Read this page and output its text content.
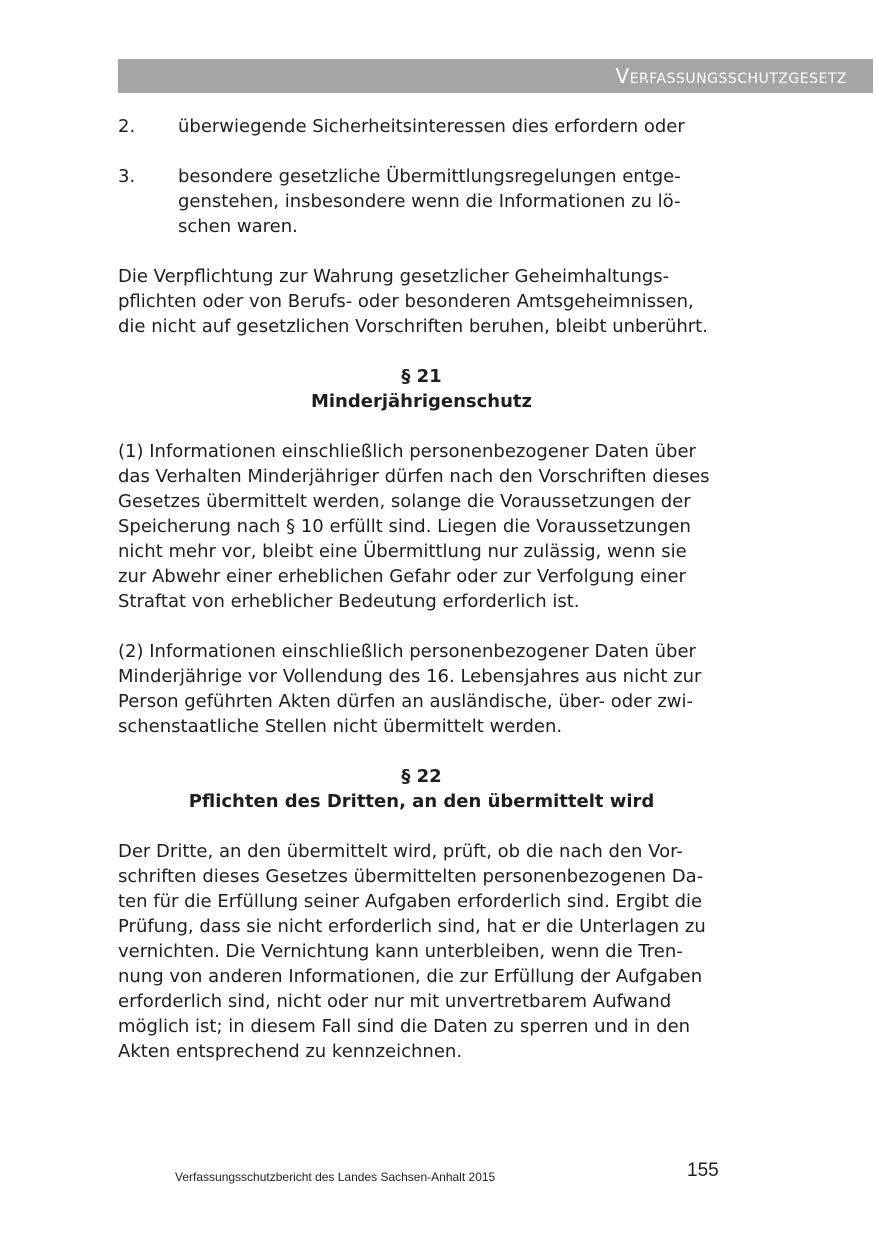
Verfassungsschutzgesetz
2.	überwiegende Sicherheitsinteressen dies erfordern oder
3.	besondere gesetzliche Übermittlungsregelungen entge-
genstehen, insbesondere wenn die Informationen zu lö-
schen waren.

Die Verpflichtung zur Wahrung gesetzlicher Geheimhaltungs-
pflichten oder von Berufs- oder besonderen Amtsgeheimnissen,
die nicht auf gesetzlichen Vorschriften beruhen, bleibt unberührt.

§ 21
Minderjährigenschutz

(1) Informationen einschließlich personenbezogener Daten über
das Verhalten Minderjähriger dürfen nach den Vorschriften dieses
Gesetzes übermittelt werden, solange die Voraussetzungen der
Speicherung nach § 10 erfüllt sind. Liegen die Voraussetzungen
nicht mehr vor, bleibt eine Übermittlung nur zulässig, wenn sie
zur Abwehr einer erheblichen Gefahr oder zur Verfolgung einer
Straftat von erheblicher Bedeutung erforderlich ist.

(2) Informationen einschließlich personenbezogener Daten über
Minderjährige vor Vollendung des 16. Lebensjahres aus nicht zur
Person geführten Akten dürfen an ausländische, über- oder zwi-
schenstaatliche Stellen nicht übermittelt werden.

§ 22
Pflichten des Dritten, an den übermittelt wird

Der Dritte, an den übermittelt wird, prüft, ob die nach den Vor-
schriften dieses Gesetzes übermittelten personenbezogenen Da-
ten für die Erfüllung seiner Aufgaben erforderlich sind. Ergibt die
Prüfung, dass sie nicht erforderlich sind, hat er die Unterlagen zu
vernichten. Die Vernichtung kann unterbleiben, wenn die Tren-
nung von anderen Informationen, die zur Erfüllung der Aufgaben
erforderlich sind, nicht oder nur mit unvertretbarem Aufwand
möglich ist; in diesem Fall sind die Daten zu sperren und in den
Akten entsprechend zu kennzeichnen.

Verfassungsschutzbericht des Landes Sachsen-Anhalt 2015	155
